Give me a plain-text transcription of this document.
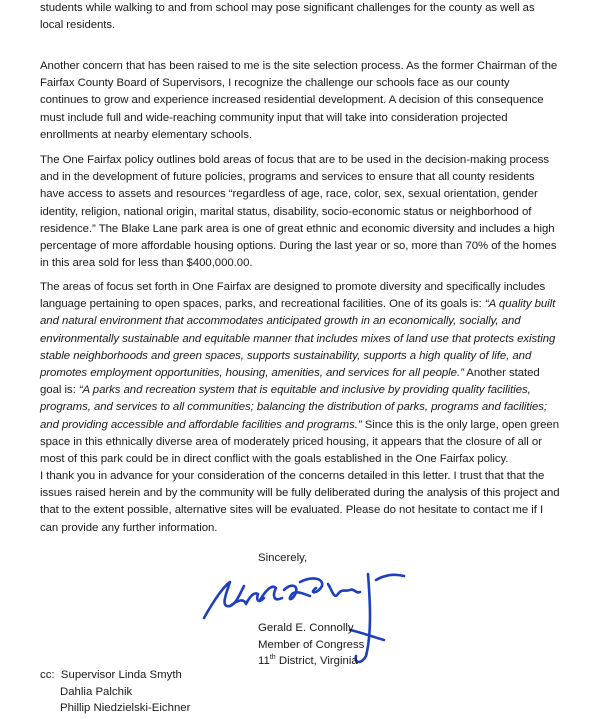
students while walking to and from school may pose significant challenges for the county as well as local residents.

Another concern that has been raised to me is the site selection process. As the former Chairman of the Fairfax County Board of Supervisors, I recognize the challenge our schools face as our county continues to grow and experience increased residential development. A decision of this consequence must include full and wide-reaching community input that will take into consideration projected enrollments at nearby elementary schools.

The One Fairfax policy outlines bold areas of focus that are to be used in the decision-making process and in the development of future policies, programs and services to ensure that all county residents have access to assets and resources “regardless of age, race, color, sex, sexual orientation, gender identity, religion, national origin, marital status, disability, socio-economic status or neighborhood of residence.” The Blake Lane park area is one of great ethnic and economic diversity and includes a high percentage of more affordable housing options. During the last year or so, more than 70% of the homes in this area sold for less than $400,000.00.

The areas of focus set forth in One Fairfax are designed to promote diversity and specifically includes language pertaining to open spaces, parks, and recreational facilities. One of its goals is: “A quality built and natural environment that accommodates anticipated growth in an economically, socially, and environmentally sustainable and equitable manner that includes mixes of land use that protects existing stable neighborhoods and green spaces, supports sustainability, supports a high quality of life, and promotes employment opportunities, housing, amenities, and services for all people.” Another stated goal is: “A parks and recreation system that is equitable and inclusive by providing quality facilities, programs, and services to all communities; balancing the distribution of parks, programs and facilities; and providing accessible and affordable facilities and programs.” Since this is the only large, open green space in this ethnically diverse area of moderately priced housing, it appears that the closure of all or most of this park could be in direct conflict with the goals established in the One Fairfax policy.

I thank you in advance for your consideration of the concerns detailed in this letter. I trust that that the issues raised herein and by the community will be fully deliberated during the analysis of this project and that to the extent possible, alternative sites will be evaluated. Please do not hesitate to contact me if I can provide any further information.

Sincerely,
Gerald E. Connolly
Member of Congress
11th District, Virginia
cc: Supervisor Linda Smyth
Dahlia Palchik
Phillip Niedzielski-Eichner
